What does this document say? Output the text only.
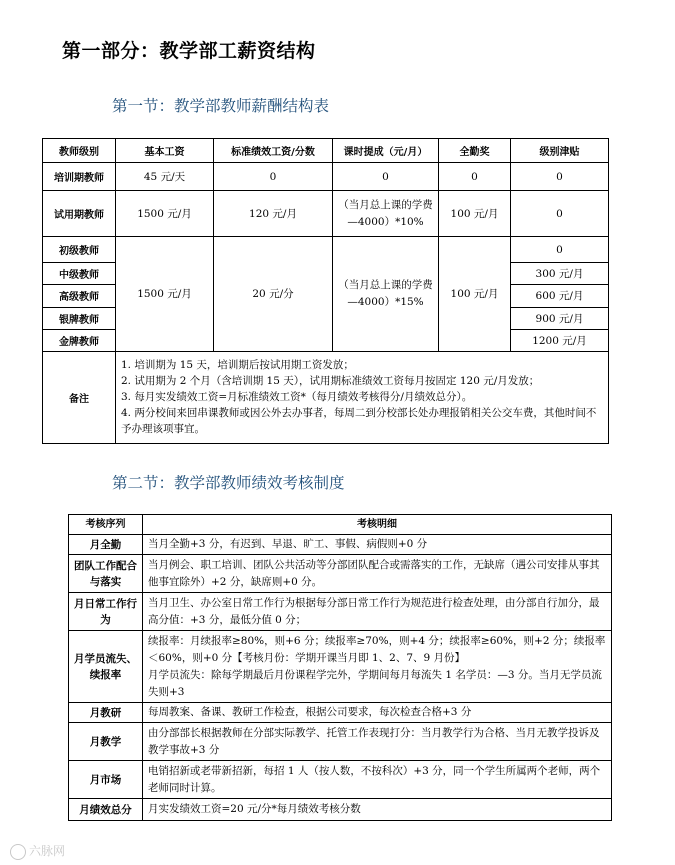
第一部分：教学部工薪资结构
第一节：教学部教师薪酬结构表
教师级别	基本工资	标准绩效工资/分数	课时提成（元/月）	全勤奖	级别津贴
培训期教师	45 元/天	0	0	0	0
试用期教师	1500 元/月	120 元/月	（当月总上课的学费—4000）*10%	100 元/月	0
初级教师	1500 元/月	20 元/分	（当月总上课的学费—4000）*15%	100 元/月	0
中级教师					300 元/月
高级教师					600 元/月
银牌教师					900 元/月
金牌教师					1200 元/月
备注	1. 培训期为 15 天，培训期后按试用期工资发放；
2. 试用期为 2 个月（含培训期 15 天），试用期标准绩效工资每月按固定 120 元/月发放；
3. 每月实发绩效工资=月标准绩效工资*（每月绩效考核得分/月绩效总分）。
4. 两分校间来回串课教师或因公外去办事者，每周二到分校部长处办理报销相关公交车费，其他时间不予办理该项事宜。				
第二节：教学部教师绩效考核制度
考核序列	考核明细
月全勤	当月全勤+3 分，有迟到、早退、旷工、事假、病假则+0 分
团队工作配合与落实	当月例会、职工培训、团队公共活动等分部团队配合或需落实的工作，无缺席（遇公司安排从事其他事宜除外）+2 分，缺席则+0 分。
月日常工作行为	当月卫生、办公室日常工作行为根据每分部日常工作行为规范进行检查处理，由分部自行加分，最高分值：+3 分，最低分值 0 分；
月学员流失、续报率	续报率：月续报率≥80%，则+6 分；续报率≥70%，则+4 分；续报率≥60%，则+2 分；续报率＜60%，则+0 分【考核月份：学期开课当月即 1、2、7、9 月份】
月学员流失：除每学期最后月份课程学完外，学期间每月每流失 1 名学员：—3 分。当月无学员流失则+3

月教研	每周教案、备课、教研工作检查，根据公司要求，每次检查合格+3 分
月教学	由分部部长根据教师在分部实际教学、托管工作表现打分：当月教学行为合格、当月无教学投诉及教学事故+3 分
月市场	电销招新或老带新招新，每招 1 人（按人数，不按科次）+3 分，同一个学生所属两个老师，两个老师同时计算。
月绩效总分	月实发绩效工资=20 元/分*每月绩效考核分数
六脉网
